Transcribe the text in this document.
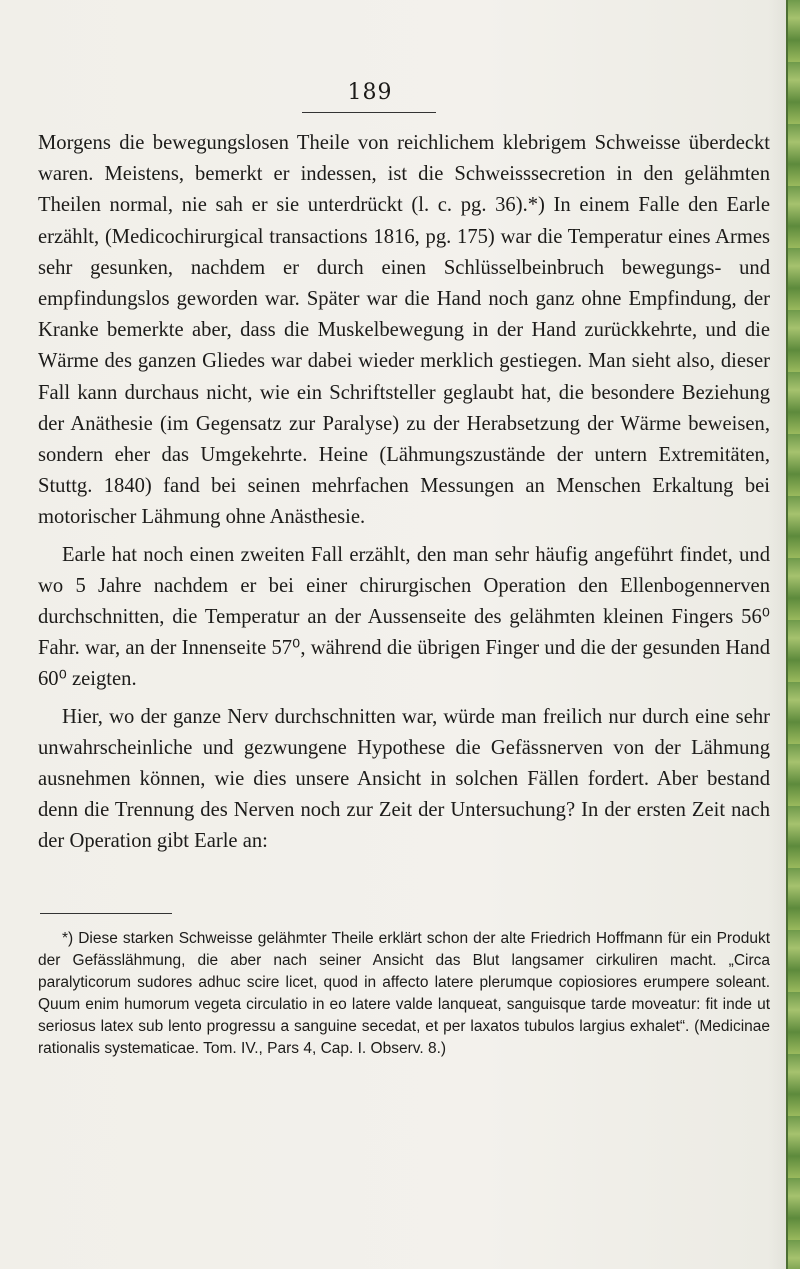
189

Morgens die bewegungslosen Theile von reichlichem klebrigem Schweisse überdeckt waren. Meistens, bemerkt er indessen, ist die Schweisssecretion in den gelähmten Theilen normal, nie sah er sie unterdrückt (l. c. pg. 36).*) In einem Falle den Earle erzählt, (Medicochirurgical transactions 1816, pg. 175) war die Temperatur eines Armes sehr gesunken, nachdem er durch einen Schlüsselbeinbruch bewegungs- und empfindungslos geworden war. Später war die Hand noch ganz ohne Empfindung, der Kranke bemerkte aber, dass die Muskelbewegung in der Hand zurückkehrte, und die Wärme des ganzen Gliedes war dabei wieder merklich gestiegen. Man sieht also, dieser Fall kann durchaus nicht, wie ein Schriftsteller geglaubt hat, die besondere Beziehung der Anäthesie (im Gegensatz zur Paralyse) zu der Herabsetzung der Wärme beweisen, sondern eher das Umgekehrte. Heine (Lähmungszustände der untern Extremitäten, Stuttg. 1840) fand bei seinen mehrfachen Messungen an Menschen Erkaltung bei motorischer Lähmung ohne Anästhesie.

Earle hat noch einen zweiten Fall erzählt, den man sehr häufig angeführt findet, und wo 5 Jahre nachdem er bei einer chirurgischen Operation den Ellenbogennerven durchschnitten, die Temperatur an der Aussenseite des gelähmten kleinen Fingers 56⁰ Fahr. war, an der Innenseite 57⁰, während die übrigen Finger und die der gesunden Hand 60⁰ zeigten.

Hier, wo der ganze Nerv durchschnitten war, würde man freilich nur durch eine sehr unwahrscheinliche und gezwungene Hypothese die Gefässnerven von der Lähmung ausnehmen können, wie dies unsere Ansicht in solchen Fällen fordert. Aber bestand denn die Trennung des Nerven noch zur Zeit der Untersuchung? In der ersten Zeit nach der Operation gibt Earle an:

*) Diese starken Schweisse gelähmter Theile erklärt schon der alte Friedrich Hoffmann für ein Produkt der Gefässlähmung, die aber nach seiner Ansicht das Blut langsamer cirkuliren macht. „Circa paralyticorum sudores adhuc scire licet, quod in affecto latere plerumque copiosiores erumpere soleant. Quum enim humorum vegeta circulatio in eo latere valde lanqueat, sanguisque tarde moveatur: fit inde ut seriosus latex sub lento progressu a sanguine secedat, et per laxatos tubulos largius exhalet“. (Medicinae rationalis systematicae. Tom. IV., Pars 4, Cap. I. Observ. 8.)
